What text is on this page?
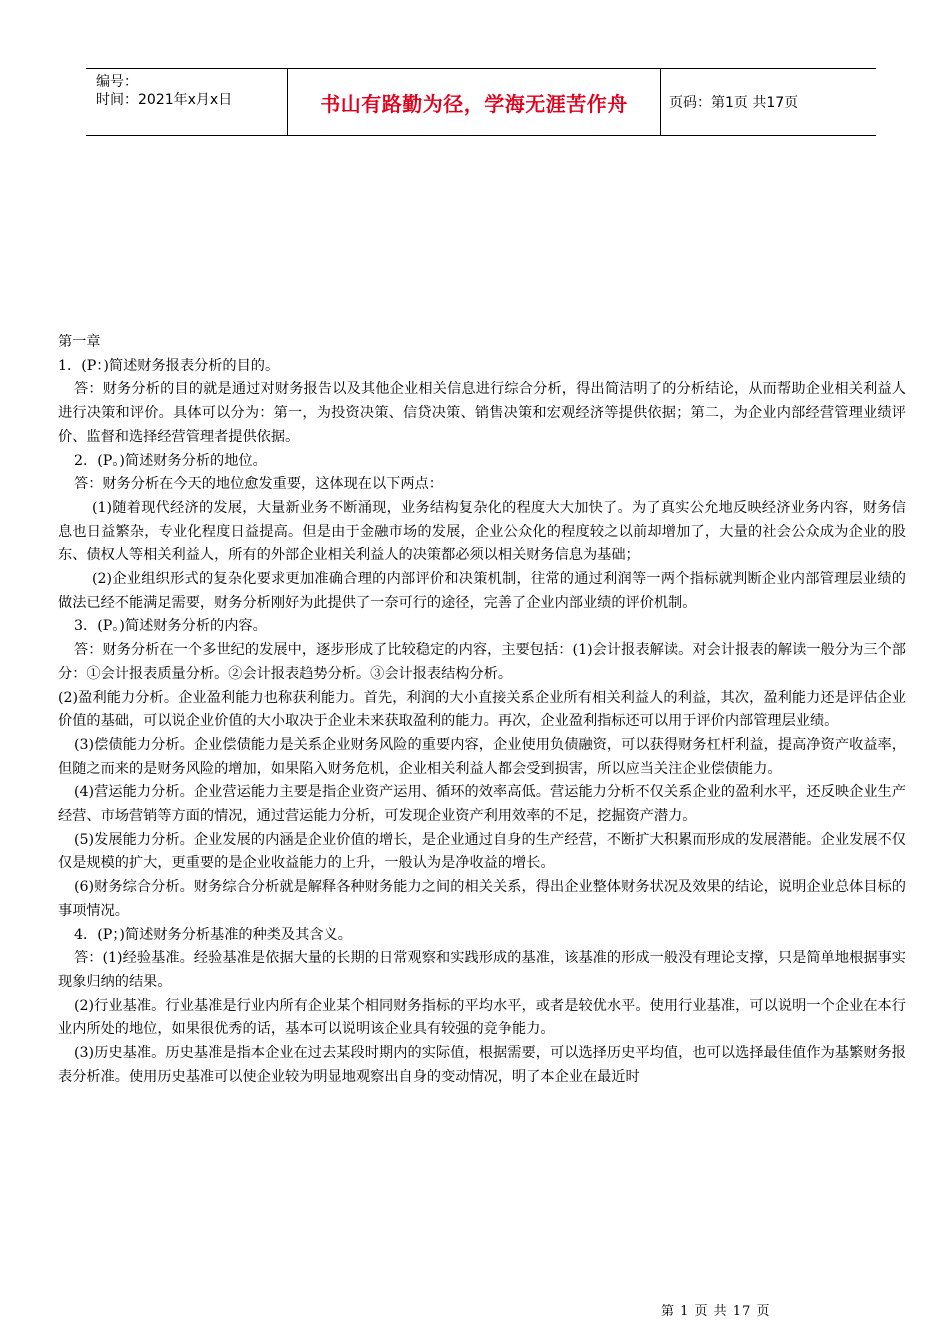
编号：
时间：2021年x月x日	书山有路勤为径，学海无涯苦作舟	页码：第1页 共17页

第一章

1．(P：)简述财务报表分析的目的。

答：财务分析的目的就是通过对财务报告以及其他企业相关信息进行综合分析，得出简洁明了的分析结论，从而帮助企业相关利益人进行决策和评价。具体可以分为：第一，为投资决策、信贷决策、销售决策和宏观经济等提供依据；第二，为企业内部经营管理业绩评价、监督和选择经营管理者提供依据。

2．(P。)简述财务分析的地位。

答：财务分析在今天的地位愈发重要，这体现在以下两点：

(1)随着现代经济的发展，大量新业务不断涌现，业务结构复杂化的程度大大加快了。为了真实公允地反映经济业务内容，财务信息也日益繁杂，专业化程度日益提高。但是由于金融市场的发展，企业公众化的程度较之以前却增加了，大量的社会公众成为企业的股东、债权人等相关利益人，所有的外部企业相关利益人的决策都必须以相关财务信息为基础；

(2)企业组织形式的复杂化要求更加准确合理的内部评价和决策机制，往常的通过利润等一两个指标就判断企业内部管理层业绩的做法已经不能满足需要，财务分析刚好为此提供了一奈可行的途径，完善了企业内部业绩的评价机制。

3．(P。)简述财务分析的内容。

答：财务分析在一个多世纪的发展中，逐步形成了比较稳定的内容，主要包括：(1)会计报表解读。对会计报表的解读一般分为三个部分：①会计报表质量分析。②会计报表趋势分析。③会计报表结构分析。

(2)盈利能力分析。企业盈利能力也称获利能力。首先，利润的大小直接关系企业所有相关利益人的利益，其次，盈利能力还是评估企业价值的基础，可以说企业价值的大小取决于企业未来获取盈利的能力。再次，企业盈利指标还可以用于评价内部管理层业绩。

(3)偿债能力分析。企业偿债能力是关系企业财务风险的重要内容，企业使用负债融资，可以获得财务杠杆利益，提高净资产收益率，但随之而来的是财务风险的增加，如果陷入财务危机，企业相关利益人都会受到损害，所以应当关注企业偿债能力。

(4)营运能力分析。企业营运能力主要是指企业资产运用、循环的效率高低。营运能力分析不仅关系企业的盈利水平，还反映企业生产经营、市场营销等方面的情况，通过营运能力分析，可发现企业资产利用效率的不足，挖掘资产潜力。

(5)发展能力分析。企业发展的内涵是企业价值的增长，是企业通过自身的生产经营，不断扩大积累而形成的发展潜能。企业发展不仅仅是规模的扩大，更重要的是企业收益能力的上升，一般认为是净收益的增长。

(6)财务综合分析。财务综合分析就是解释各种财务能力之间的相关关系，得出企业整体财务状况及效果的结论，说明企业总体目标的事项情况。

4．(P；)简述财务分析基准的种类及其含义。

答：(1)经验基准。经验基准是依据大量的长期的日常观察和实践形成的基准，该基准的形成一般没有理论支撑，只是简单地根据事实现象归纳的结果。

(2)行业基准。行业基准是行业内所有企业某个相同财务指标的平均水平，或者是较优水平。使用行业基准，可以说明一个企业在本行业内所处的地位，如果很优秀的话，基本可以说明该企业具有较强的竞争能力。

(3)历史基准。历史基准是指本企业在过去某段时期内的实际值，根据需要，可以选择历史平均值，也可以选择最佳值作为基繁财务报表分析准。使用历史基准可以使企业较为明显地观察出自身的变动情况，明了本企业在最近时

第 1 页 共 17 页
